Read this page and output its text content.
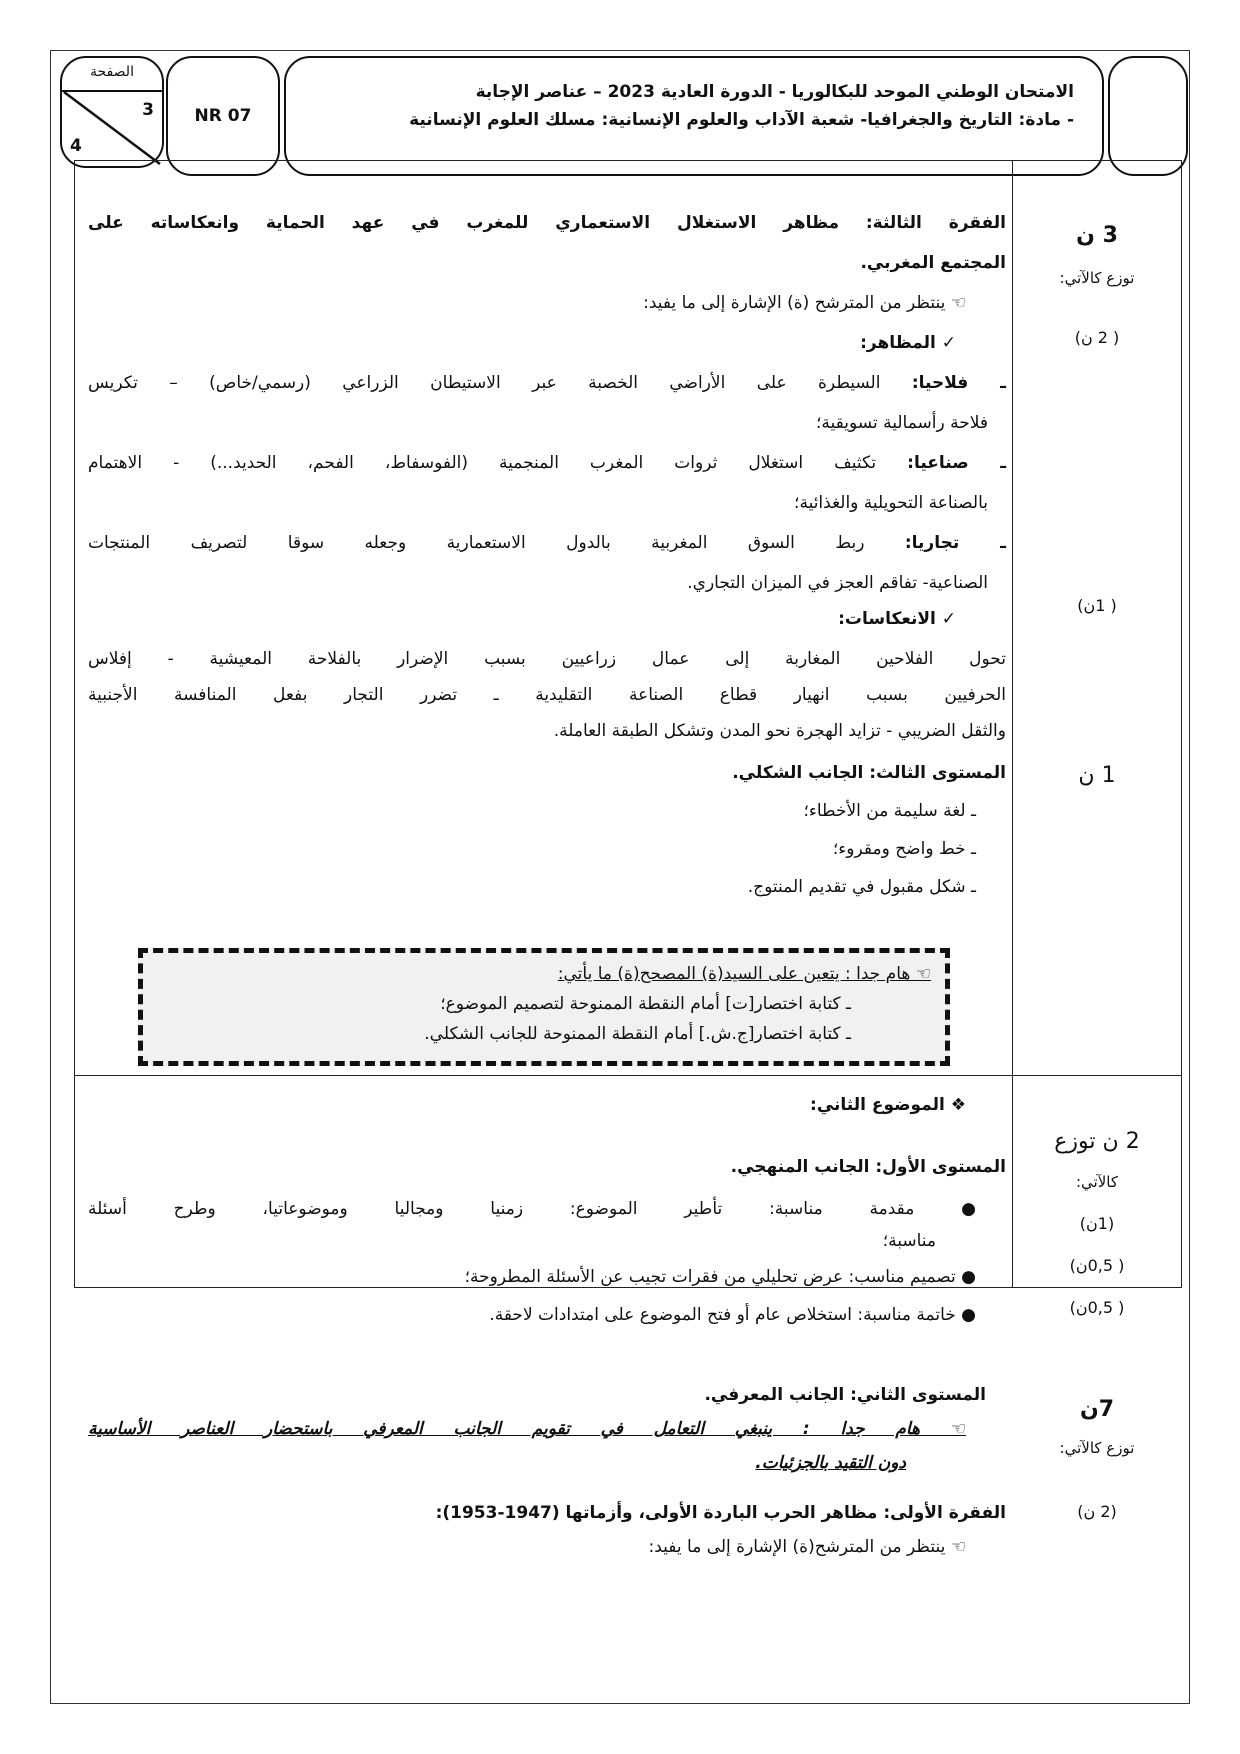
الصفحة
3
4
NR 07
الامتحان الوطني الموحد للبكالوريا - الدورة العادية 2023 – عناصر الإجابة
- مادة: التاريخ والجغرافيا- شعبة الآداب والعلوم الإنسانية: مسلك العلوم الإنسانية
3 ن
توزع كالآتي:
( 2 ن)
( 1ن)
1 ن
2 ن توزع
كالآتي:
(1ن)
( 0,5ن)
( 0,5ن)
7ن
توزع كالآتي:
(2 ن)
الفقرة الثالثة: مظاهر الاستغلال الاستعماري للمغرب في عهد الحماية وانعكاساته على
المجتمع المغربي.
☜ ينتظر من المترشح (ة) الإشارة إلى ما يفيد:
✓ المظاهر:
ـ فلاحيا: السيطرة على الأراضي الخصبة عبر الاستيطان الزراعي (رسمي/خاص) – تكريس
فلاحة رأسمالية تسويقية؛
ـ صناعيا: تكثيف استغلال ثروات المغرب المنجمية (الفوسفاط، الفحم، الحديد...) - الاهتمام
بالصناعة التحويلية والغذائية؛
ـ تجاريا: ربط السوق المغربية بالدول الاستعمارية وجعله سوقا لتصريف المنتجات
الصناعية- تفاقم العجز في الميزان التجاري.
✓ الانعكاسات:
تحول الفلاحين المغاربة إلى عمال زراعيين بسبب الإضرار بالفلاحة المعيشية - إفلاس
الحرفيين بسبب انهيار قطاع الصناعة التقليدية ـ تضرر التجار بفعل المنافسة الأجنبية
والثقل الضريبي - تزايد الهجرة نحو المدن وتشكل الطبقة العاملة.
المستوى الثالث: الجانب الشكلي.
ـ لغة سليمة من الأخطاء؛
ـ خط واضح ومقروء؛
ـ شكل مقبول في تقديم المنتوج.
☜ هام جدا : يتعين على السيد(ة) المصحح(ة) ما يأتي:
ـ كتابة اختصار[ت] أمام النقطة الممنوحة لتصميم الموضوع؛
ـ كتابة اختصار[ج.ش.] أمام النقطة الممنوحة للجانب الشكلي.
❖ الموضوع الثاني:
المستوى الأول: الجانب المنهجي.
● مقدمة مناسبة: تأطير الموضوع: زمنيا ومجاليا وموضوعاتيا، وطرح أسئلة
مناسبة؛
● تصميم مناسب: عرض تحليلي من فقرات تجيب عن الأسئلة المطروحة؛
● خاتمة مناسبة: استخلاص عام أو فتح الموضوع على امتدادات لاحقة.
المستوى الثاني: الجانب المعرفي.
☜ هام جدا : ينبغي التعامل في تقويم الجانب المعرفي باستحضار العناصر الأساسية
دون التقيد بالجزئيات.
الفقرة الأولى: مظاهر الحرب الباردة الأولى، وأزماتها (1947-1953):
☜ ينتظر من المترشح(ة) الإشارة إلى ما يفيد:
